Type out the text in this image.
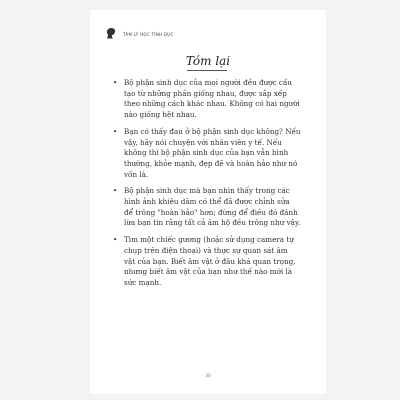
TÂM LÝ HỌC TÍNH DỤC
Tóm lại
• Bộ phận sinh dục của mọi người đều được cấu tạo từ những phần giống nhau, được sắp xếp theo những cách khác nhau. Không có hai người nào giống hệt nhau.
• Bạn có thấy đau ở bộ phận sinh dục không? Nếu vậy, hãy nói chuyện với nhân viên y tế. Nếu không thì bộ phận sinh dục của bạn vẫn bình thường, khỏe mạnh, đẹp đẽ và hoàn hảo như nó vốn là.
• Bộ phận sinh dục mà bạn nhìn thấy trong các hình ảnh khiêu dâm có thể đã được chỉnh sửa để trông "hoàn hảo" hơn; đừng để điều đó đánh lừa bạn tin rằng tất cả âm hộ đều trông như vậy.
• Tìm một chiếc gương (hoặc sử dụng camera tự chụp trên điện thoại) và thực sự quan sát âm vật của bạn. Biết âm vật ở đâu khá quan trọng, nhưng biết âm vật của bạn như thế nào mới là sức mạnh.
30
